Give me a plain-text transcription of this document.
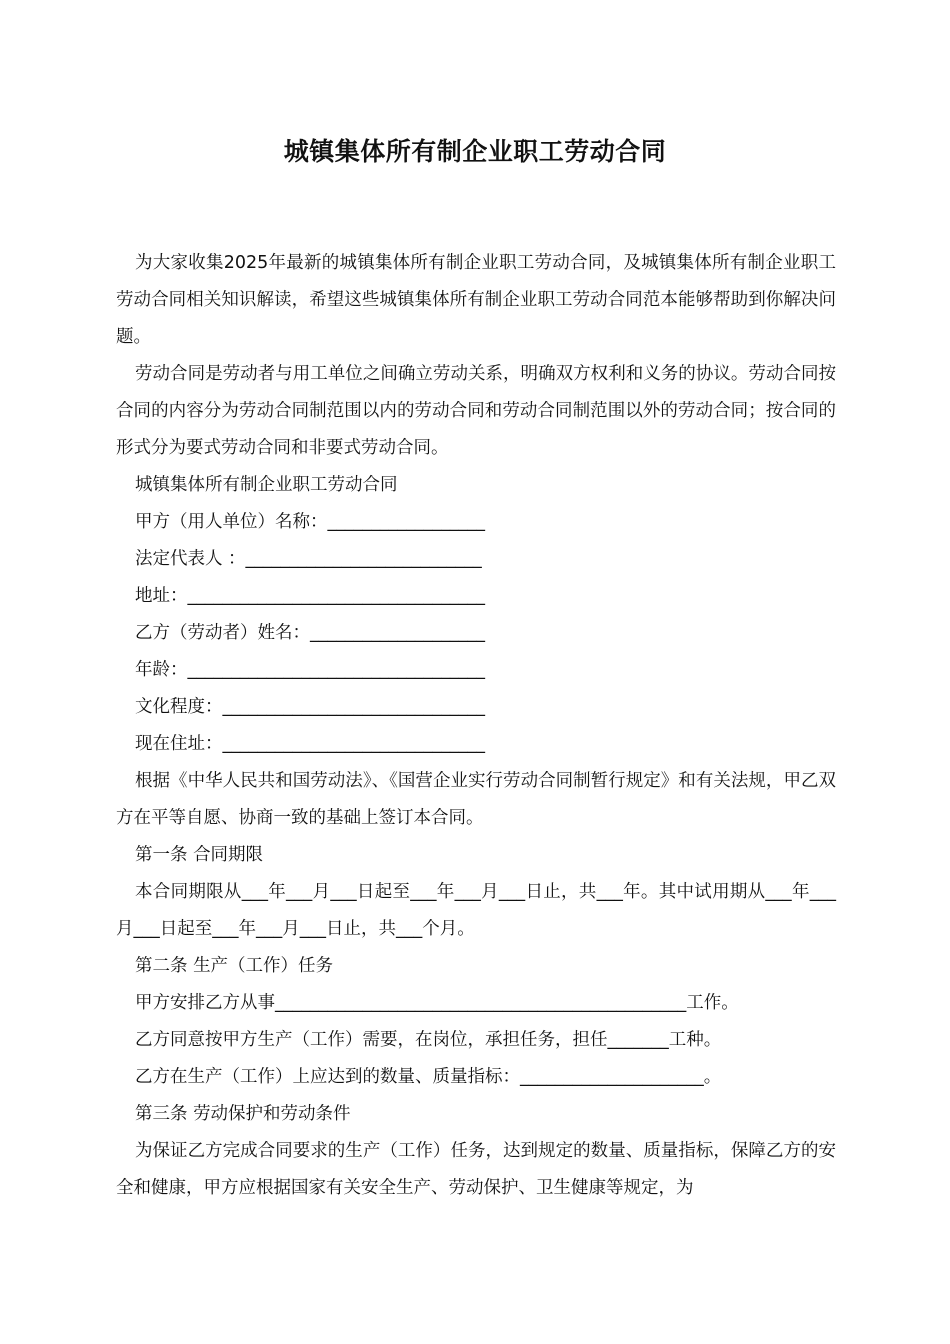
城镇集体所有制企业职工劳动合同

为大家收集2025年最新的城镇集体所有制企业职工劳动合同，及城镇集体所有制企业职工劳动合同相关知识解读，希望这些城镇集体所有制企业职工劳动合同范本能够帮助到你解决问题。

劳动合同是劳动者与用工单位之间确立劳动关系，明确双方权利和义务的协议。劳动合同按合同的内容分为劳动合同制范围以内的劳动合同和劳动合同制范围以外的劳动合同；按合同的形式分为要式劳动合同和非要式劳动合同。

城镇集体所有制企业职工劳动合同

甲方（用人单位）名称：__________________

法定代表人 ：___________________________

地址：__________________________________

乙方（劳动者）姓名：____________________

年龄：__________________________________

文化程度：______________________________

现在住址：______________________________

根据《中华人民共和国劳动法》、《国营企业实行劳动合同制暂行规定》和有关法规，甲乙双方在平等自愿、协商一致的基础上签订本合同。

第一条 合同期限

本合同期限从___年___月___日起至___年___月___日止，共___年。其中试用期从___年___月___日起至___年___月___日止，共___个月。

第二条 生产（工作）任务

甲方安排乙方从事_______________________________________________工作。

乙方同意按甲方生产（工作）需要，在岗位，承担任务，担任_______工种。

乙方在生产（工作）上应达到的数量、质量指标：_____________________。

第三条 劳动保护和劳动条件

为保证乙方完成合同要求的生产（工作）任务，达到规定的数量、质量指标，保障乙方的安全和健康，甲方应根据国家有关安全生产、劳动保护、卫生健康等规定，为
